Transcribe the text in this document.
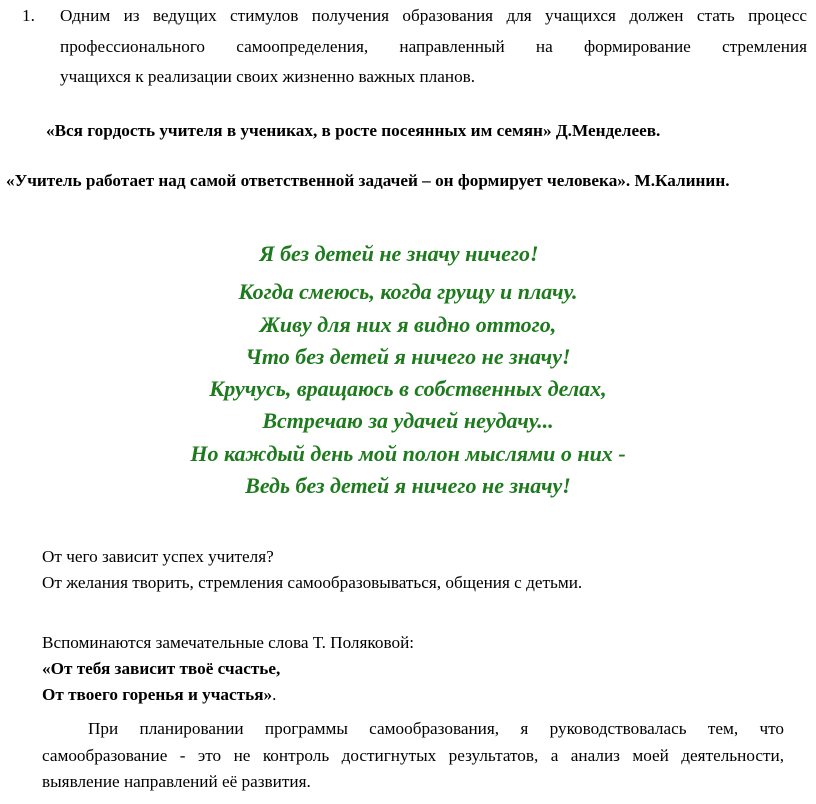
1.	Одним из ведущих стимулов получения образования для учащихся должен стать процесс
профессионального самоопределения, направленный на формирование стремления
учащихся к реализации своих жизненно важных планов.
«Вся гордость учителя в учениках, в росте посеянных им семян» Д.Менделеев.
«Учитель работает над самой ответственной задачей – он формирует человека». М.Калинин.
Я без детей не значу ничего!
Когда смеюсь, когда грущу и плачу.
Живу для них я видно оттого,
Что без детей я ничего не значу!
Кручусь, вращаюсь в собственных делах,
Встречаю за удачей неудачу...
Но каждый день мой полон мыслями о них -
Ведь без детей я ничего не значу!
От чего зависит успех учителя?
От желания творить, стремления самообразовываться, общения с детьми.
Вспоминаются замечательные слова Т. Поляковой:
«От тебя зависит твоё счастье,
От твоего горенья и участья».
При планировании программы самообразования, я руководствовалась тем, что
самообразование - это не контроль достигнутых результатов, а анализ моей деятельности,
выявление направлений её развития.
